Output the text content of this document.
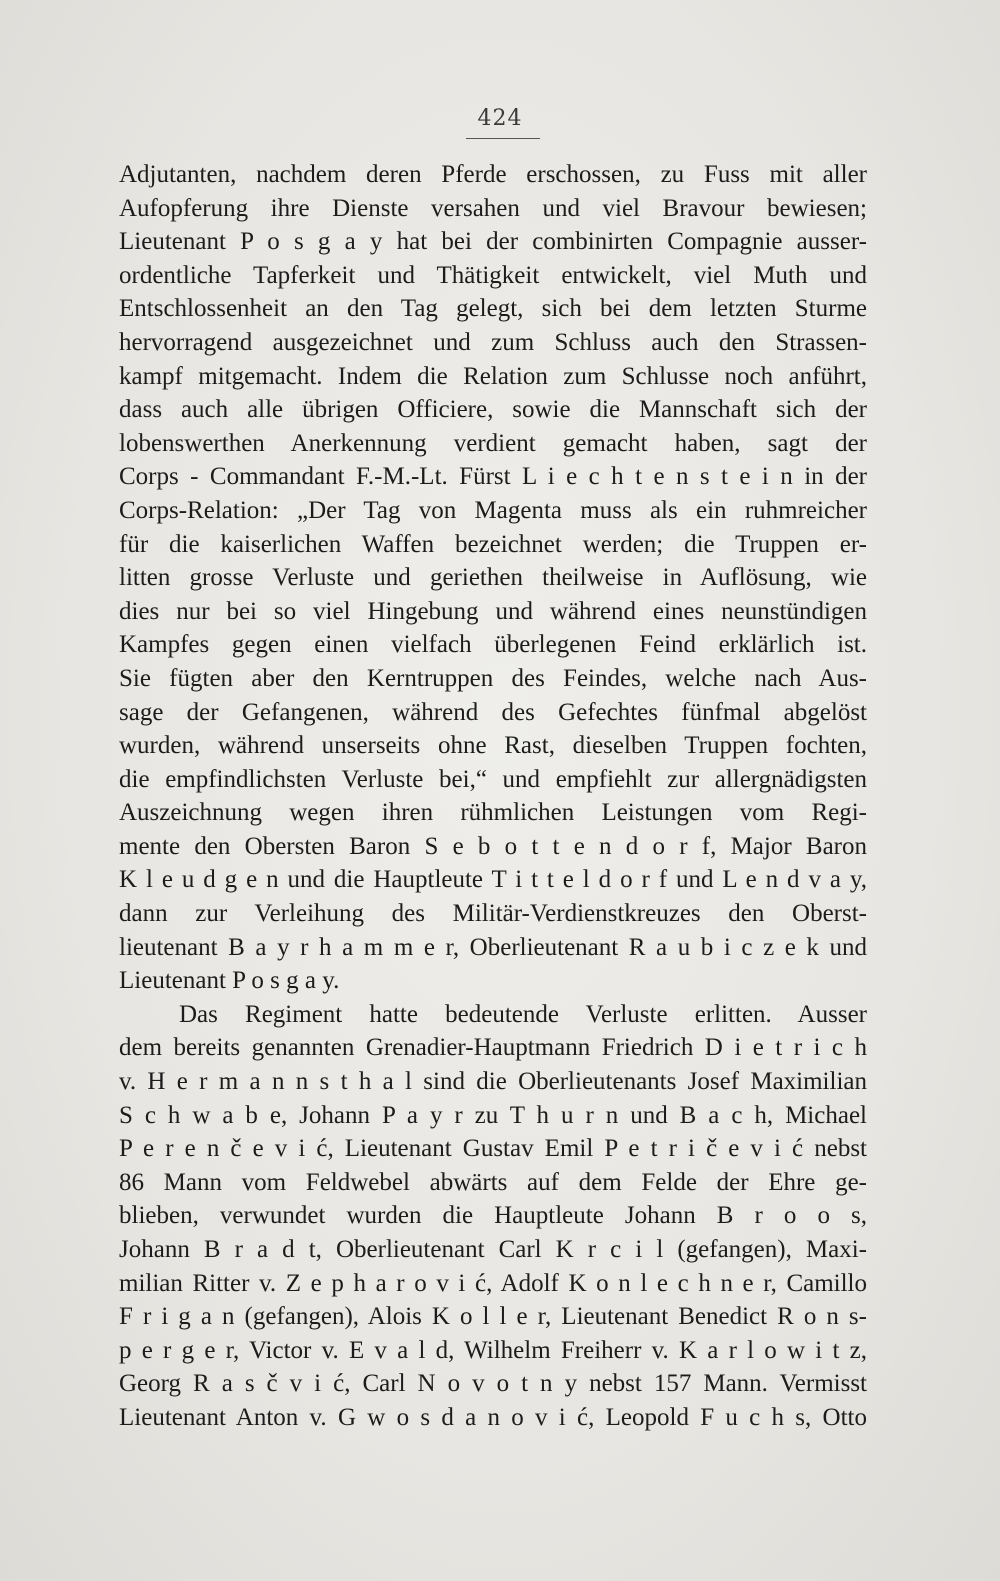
424
Adjutanten, nachdem deren Pferde erschossen, zu Fuss mit aller
Aufopferung ihre Dienste versahen und viel Bravour bewiesen;
Lieutenant P o s g a y hat bei der combinirten Compagnie ausser-
ordentliche Tapferkeit und Thätigkeit entwickelt, viel Muth und
Entschlossenheit an den Tag gelegt, sich bei dem letzten Sturme
hervorragend ausgezeichnet und zum Schluss auch den Strassen-
kampf mitgemacht. Indem die Relation zum Schlusse noch anführt,
dass auch alle übrigen Officiere, sowie die Mannschaft sich der
lobenswerthen Anerkennung verdient gemacht haben, sagt der
Corps - Commandant F.-M.-Lt. Fürst L i e c h t e n s t e i n in der
Corps-Relation: „Der Tag von Magenta muss als ein ruhmreicher
für die kaiserlichen Waffen bezeichnet werden; die Truppen er-
litten grosse Verluste und geriethen theilweise in Auflösung, wie
dies nur bei so viel Hingebung und während eines neunstündigen
Kampfes gegen einen vielfach überlegenen Feind erklärlich ist.
Sie fügten aber den Kerntruppen des Feindes, welche nach Aus-
sage der Gefangenen, während des Gefechtes fünfmal abgelöst
wurden, während unserseits ohne Rast, dieselben Truppen fochten,
die empfindlichsten Verluste bei,“ und empfiehlt zur allergnädigsten
Auszeichnung wegen ihren rühmlichen Leistungen vom Regi-
mente den Obersten Baron S e b o t t e n d o r f, Major Baron
K l e u d g e n und die Hauptleute T i t t e l d o r f und L e n d v a y,
dann zur Verleihung des Militär-Verdienstkreuzes den Oberst-
lieutenant B a y r h a m m e r, Oberlieutenant R a u b i c z e k und
Lieutenant P o s g a y.
Das Regiment hatte bedeutende Verluste erlitten. Ausser
dem bereits genannten Grenadier-Hauptmann Friedrich D i e t r i c h
v. H e r m a n n s t h a l sind die Oberlieutenants Josef Maximilian
S c h w a b e, Johann P a y r zu T h u r n und B a c h, Michael
P e r e n č e v i ć, Lieutenant Gustav Emil P e t r i č e v i ć nebst
86 Mann vom Feldwebel abwärts auf dem Felde der Ehre ge-
blieben, verwundet wurden die Hauptleute Johann B r o o s,
Johann B r a d t, Oberlieutenant Carl K r c i l (gefangen), Maxi-
milian Ritter v. Z e p h a r o v i ć, Adolf K o n l e c h n e r, Camillo
F r i g a n (gefangen), Alois K o l l e r, Lieutenant Benedict R o n s-
p e r g e r, Victor v. E v a l d, Wilhelm Freiherr v. K a r l o w i t z,
Georg R a s č v i ć, Carl N o v o t n y nebst 157 Mann. Vermisst
Lieutenant Anton v. G w o s d a n o v i ć, Leopold F u c h s, Otto
